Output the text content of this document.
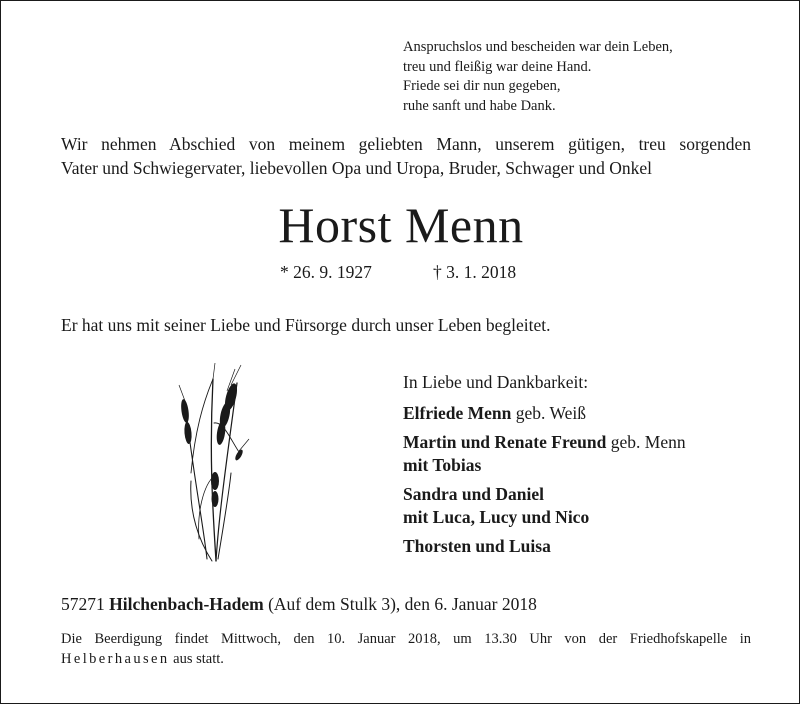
Anspruchslos und bescheiden war dein Leben,
treu und fleißig war deine Hand.
Friede sei dir nun gegeben,
ruhe sanft und habe Dank.
Wir nehmen Abschied von meinem geliebten Mann, unserem gütigen, treu sorgenden
Vater und Schwiegervater, liebevollen Opa und Uropa, Bruder, Schwager und Onkel
Horst Menn
* 26. 9. 1927	† 3. 1. 2018
Er hat uns mit seiner Liebe und Fürsorge durch unser Leben begleitet.
In Liebe und Dankbarkeit:
Elfriede Menn geb. Weiß
Martin und Renate Freund geb. Menn
mit Tobias
Sandra und Daniel
mit Luca, Lucy und Nico
Thorsten und Luisa
57271 Hilchenbach-Hadem (Auf dem Stulk 3), den 6. Januar 2018
Die Beerdigung findet Mittwoch, den 10. Januar 2018, um 13.30 Uhr von der Friedhofskapelle in
Helberhausen aus statt.
